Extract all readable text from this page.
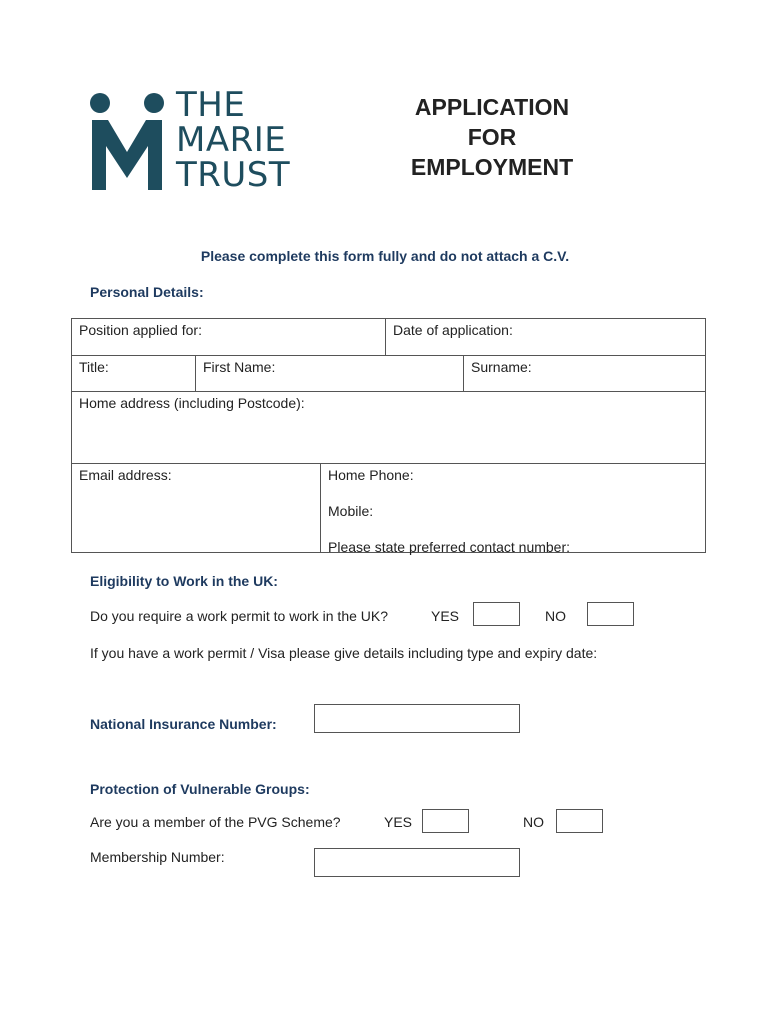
THE
MARIE
TRUST
APPLICATION
FOR
EMPLOYMENT
Please complete this form fully and do not attach a C.V.
Personal Details:
Position applied for:	Date of application:
Title:	First Name:	Surname:
Home address (including Postcode):
Email address:	Home Phone:
Mobile:
Please state preferred contact number:
Eligibility to Work in the UK:
Do you require a work permit to work in the UK?	YES	NO
If you have a work permit / Visa please give details including type and expiry date:
National Insurance Number:
Protection of Vulnerable Groups:
Are you a member of the PVG Scheme?	YES	NO
Membership Number:
